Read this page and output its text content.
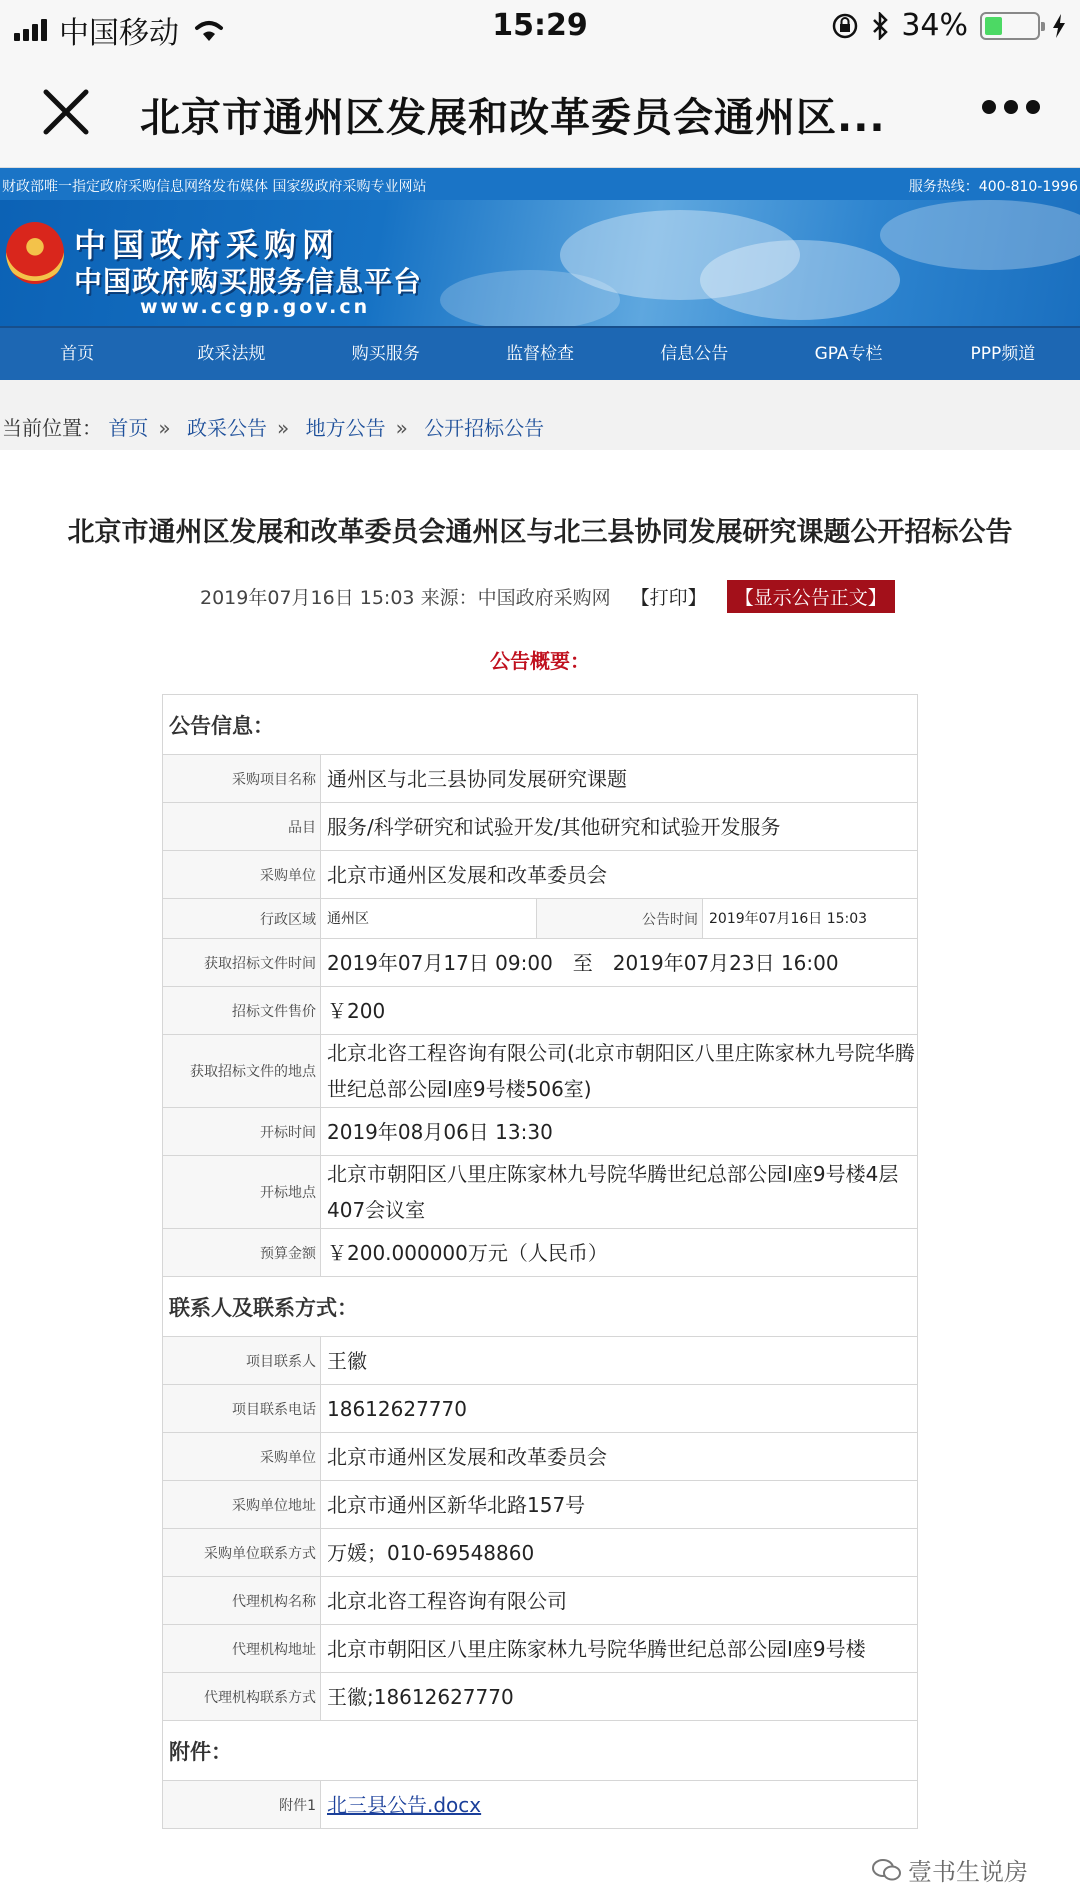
中国移动	15:29	34%
北京市通州区发展和改革委员会通州区...
财政部唯一指定政府采购信息网络发布媒体 国家级政府采购专业网站	服务热线：400-810-1996
中国政府采购网
中国政府购买服务信息平台
www.ccgp.gov.cn
首页	政采法规	购买服务	监督检查	信息公告	GPA专栏	PPP频道
当前位置： 首页 » 政采公告 » 地方公告 » 公开招标公告
北京市通州区发展和改革委员会通州区与北三县协同发展研究课题公开招标公告
2019年07月16日 15:03 来源：中国政府采购网 【打印】 【显示公告正文】
公告概要：
公告信息：			
采购项目名称	通州区与北三县协同发展研究课题		
品目	服务/科学研究和试验开发/其他研究和试验开发服务		
采购单位	北京市通州区发展和改革委员会		
行政区域	通州区	公告时间	2019年07月16日 15:03
获取招标文件时间	2019年07月17日 09:00　至　2019年07月23日 16:00		
招标文件售价	￥200		
获取招标文件的地点	北京北咨工程咨询有限公司(北京市朝阳区八里庄陈家林九号院华腾世纪总部公园I座9号楼506室)		
开标时间	2019年08月06日 13:30		
开标地点	北京市朝阳区八里庄陈家林九号院华腾世纪总部公园I座9号楼4层407会议室		
预算金额	￥200.000000万元（人民币）		
联系人及联系方式：			
项目联系人	王徽		
项目联系电话	18612627770		
采购单位	北京市通州区发展和改革委员会		
采购单位地址	北京市通州区新华北路157号		
采购单位联系方式	万媛；010-69548860		
代理机构名称	北京北咨工程咨询有限公司		
代理机构地址	北京市朝阳区八里庄陈家林九号院华腾世纪总部公园I座9号楼		
代理机构联系方式	王徽;18612627770		
附件：			
附件1	北三县公告.docx		
壹书生说房
